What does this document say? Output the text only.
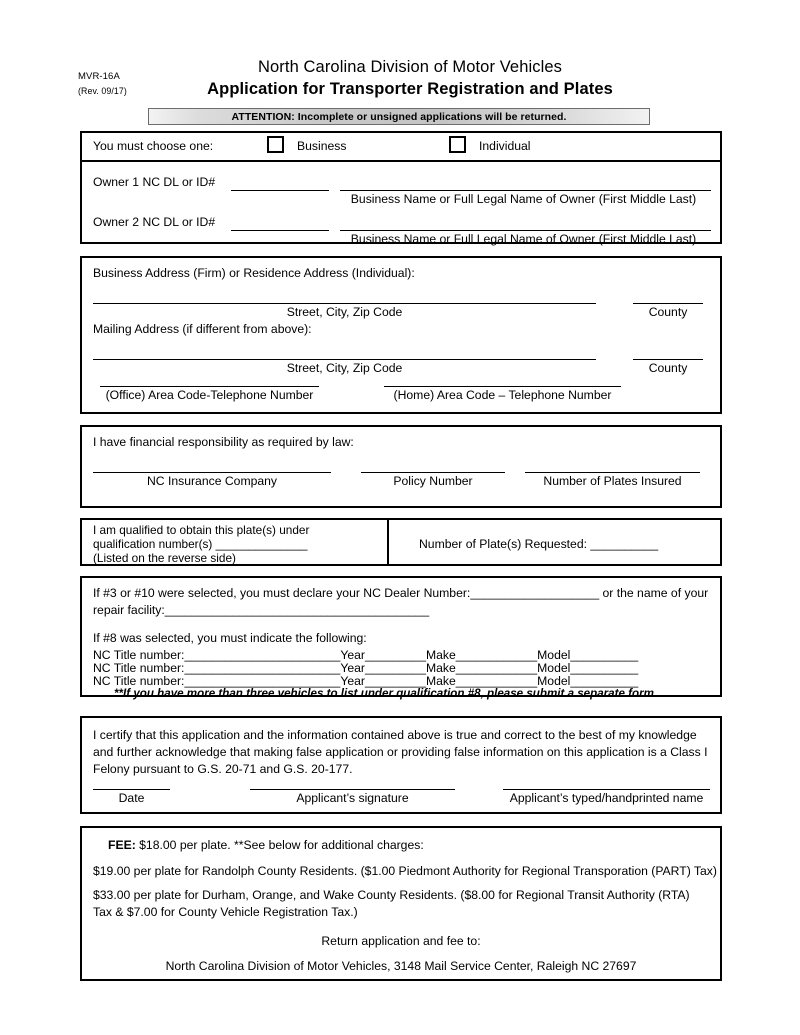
MVR-16A
(Rev. 09/17)
North Carolina Division of Motor Vehicles
Application for Transporter Registration and Plates
ATTENTION: Incomplete or unsigned applications will be returned.
You must choose one:	Business	Individual
Owner 1 NC DL or ID#
Business Name or Full Legal Name of Owner (First Middle Last)
Owner 2 NC DL or ID#
Business Name or Full Legal Name of Owner (First Middle Last)
Business Address (Firm) or Residence Address (Individual):
Street, City, Zip Code	County
Mailing Address (if different from above):
Street, City, Zip Code	County
(Office) Area Code-Telephone Number	(Home) Area Code – Telephone Number
I have financial responsibility as required by law:
NC Insurance Company	Policy Number	Number of Plates Insured
I am qualified to obtain this plate(s) under
qualification number(s) ______________
(Listed on the reverse side)
Number of Plate(s) Requested: __________
If #3 or #10 were selected, you must declare your NC Dealer Number:___________________ or the name of your
repair facility:_______________________________________
If #8 was selected, you must indicate the following:
NC Title number:_______________________Year_________Make____________Model__________
NC Title number:_______________________Year_________Make____________Model__________
NC Title number:_______________________Year_________Make____________Model__________
**If you have more than three vehicles to list under qualification #8, please submit a separate form.
I certify that this application and the information contained above is true and correct to the best of my knowledge and further acknowledge that making false application or providing false information on this application is a Class I Felony pursuant to G.S. 20-71 and G.S. 20-177.
Date	Applicant’s signature	Applicant’s typed/handprinted name
FEE: $18.00 per plate. **See below for additional charges:
$19.00 per plate for Randolph County Residents. ($1.00 Piedmont Authority for Regional Transporation (PART) Tax)
$33.00 per plate for Durham, Orange, and Wake County Residents. ($8.00 for Regional Transit Authority (RTA)
Tax & $7.00 for County Vehicle Registration Tax.)
Return application and fee to:
North Carolina Division of Motor Vehicles, 3148 Mail Service Center, Raleigh NC 27697
